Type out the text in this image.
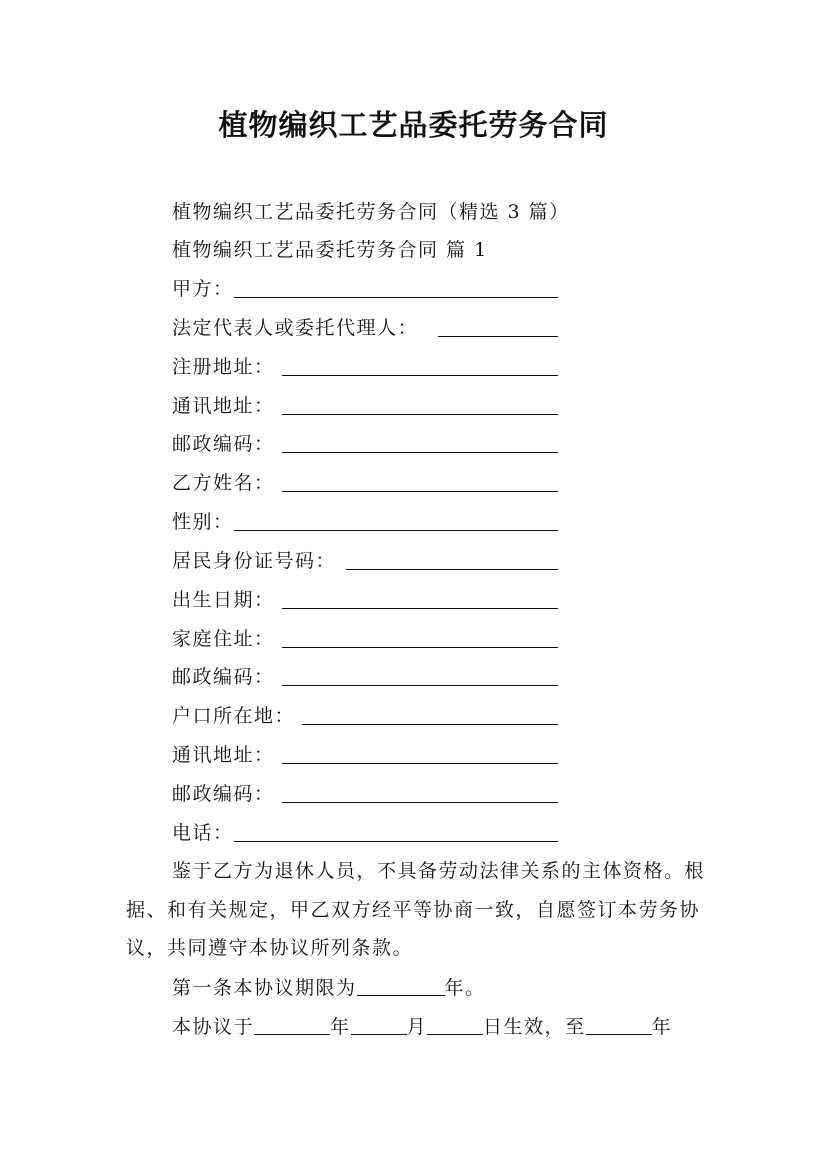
植物编织工艺品委托劳务合同
植物编织工艺品委托劳务合同（精选 3 篇）
植物编织工艺品委托劳务合同 篇 1
甲方：
法定代表人或委托代理人：
注册地址：
通讯地址：
邮政编码：
乙方姓名：
性别：
居民身份证号码：
出生日期：
家庭住址：
邮政编码：
户口所在地：
通讯地址：
邮政编码：
电话：
鉴于乙方为退休人员，不具备劳动法律关系的主体资格。根据、和有关规定，甲乙双方经平等协商一致，自愿签订本劳务协议，共同遵守本协议所列条款。
第一条本协议期限为	年。
本协议于	年	月	日生效，至	年
